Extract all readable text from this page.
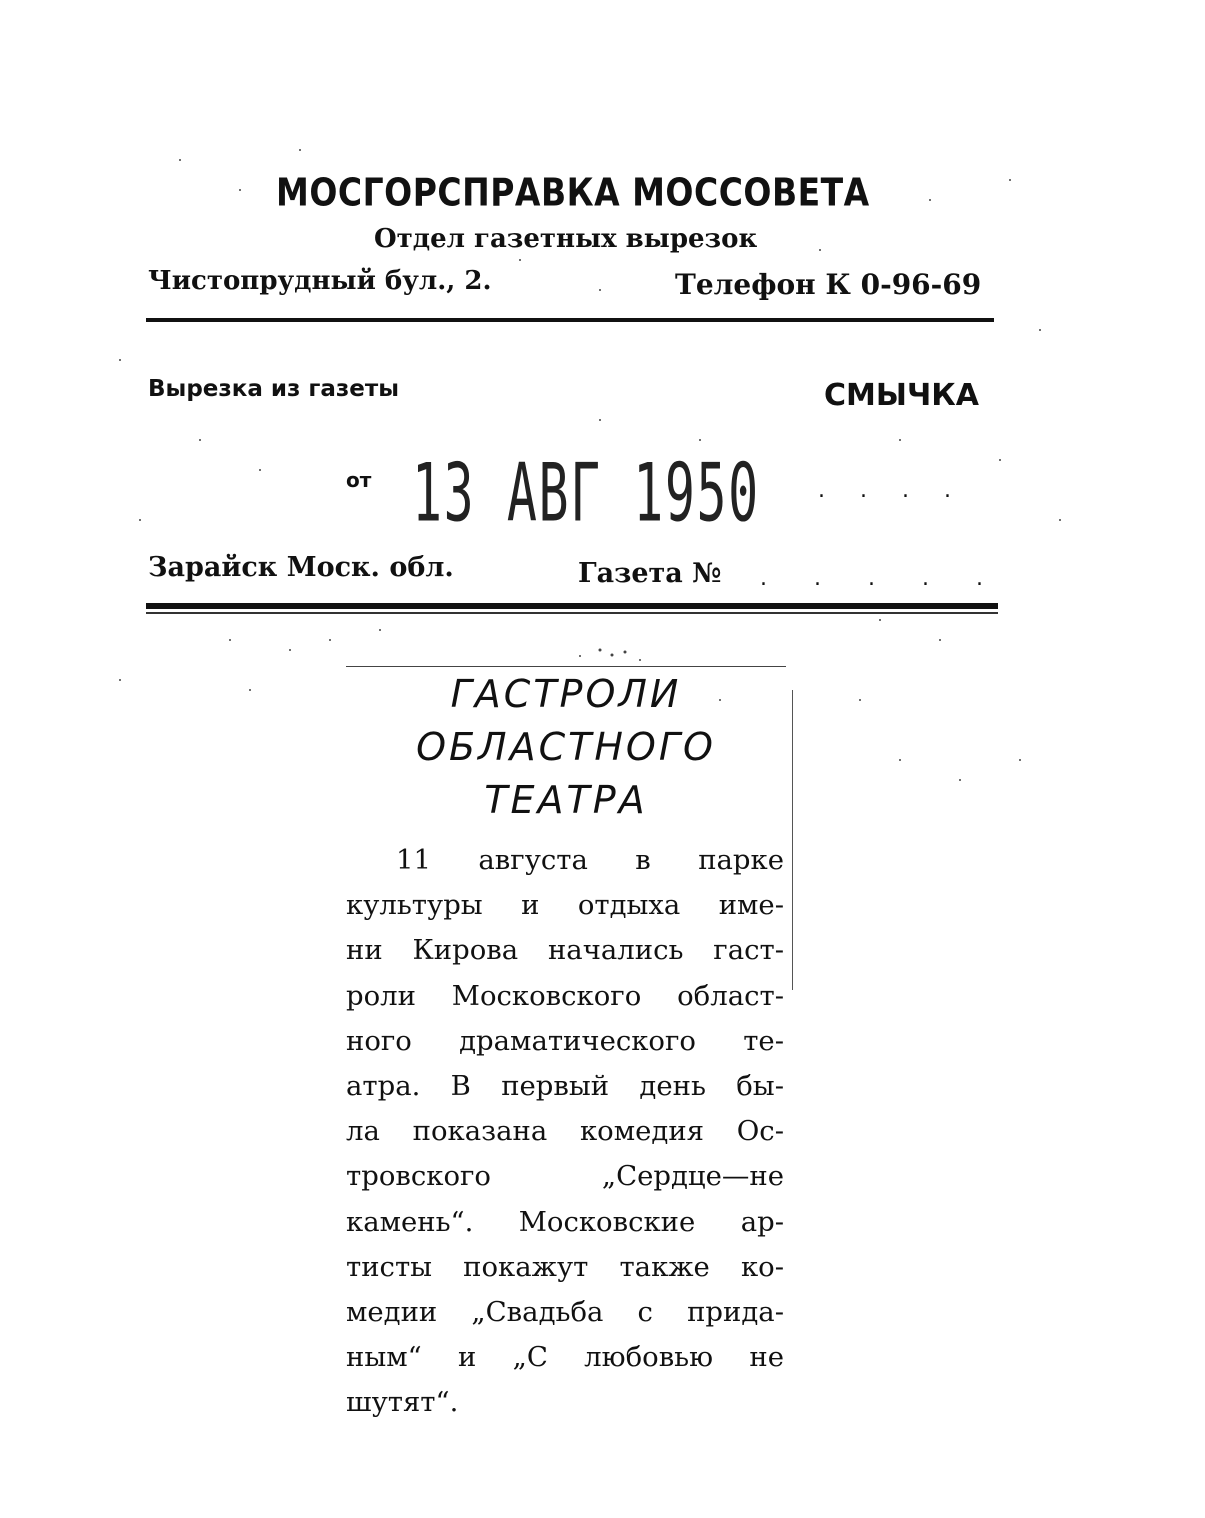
МОСГОРСПРАВКА МОССОВЕТА
Отдел газетных вырезок
Чистопрудный бул., 2.	Телефон К 0-96-69
Вырезка из газеты	СМЫЧКА
от 13 АВГ 1950	. . . .
Зарайск Моск. обл.	Газета № . . . . .
ГАСТРОЛИ
ОБЛАСТНОГО
ТЕАТРА
11 августа в парке
культуры и отдыха име-
ни Кирова начались гаст-
роли Московского област-
ного драматического те-
атра. В первый день бы-
ла показана комедия Ос-
тровского „Сердце—не
камень“. Московские ар-
тисты покажут также ко-
медии „Свадьба с прида-
ным“ и „С любовью не
шутят“.
